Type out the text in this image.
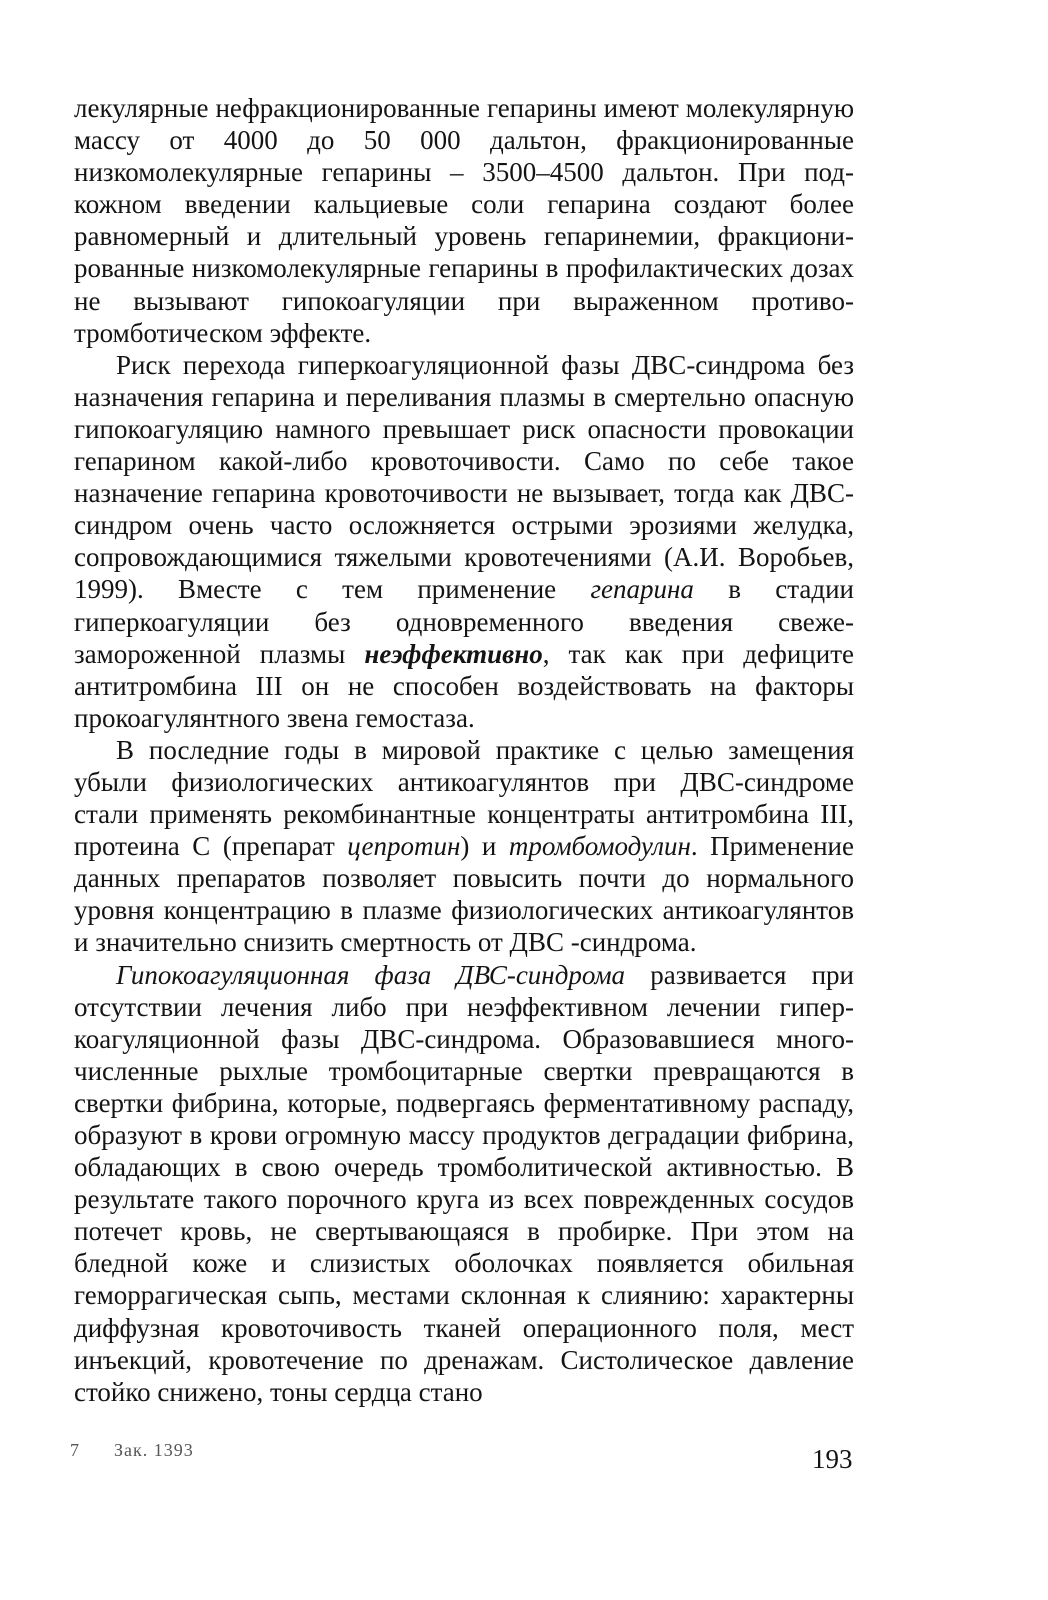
лекулярные нефракционированные гепарины имеют молекулярную массу от 4000 до 50 000 дальтон, фракционированные низкомолекулярные гепарины – 3500–4500 дальтон. При подкожном введении кальциевые соли гепарина создают более равномерный и длительный уровень гепаринемии, фракционированные низкомолекулярные гепарины в профилактических дозах не вызывают гипокоагуляции при выраженном противотромботическом эффекте.

Риск перехода гиперкоагуляционной фазы ДВС-синдрома без назначения гепарина и переливания плазмы в смертельно опасную гипокоагуляцию намного превышает риск опасности провокации гепарином какой-либо кровоточивости. Само по себе такое назначение гепарина кровоточивости не вызывает, тогда как ДВС-синдром очень часто осложняется острыми эрозиями желудка, сопровождающимися тяжелыми кровотечениями (А.И. Воробьев, 1999). Вместе с тем применение гепарина в стадии гиперкоагуляции без одновременного введения свежезамороженной плазмы неэффективно, так как при дефиците антитромбина III он не способен воздействовать на факторы прокоагулянтного звена гемостаза.

В последние годы в мировой практике с целью замещения убыли физиологических антикоагулянтов при ДВС-синдроме стали применять рекомбинантные концентраты антитромбина III, протеина С (препарат цепротин) и тромбомодулин. Применение данных препаратов позволяет повысить почти до нормального уровня концентрацию в плазме физиологических антикоагулянтов и значительно снизить смертность от ДВС -синдрома.

Гипокоагуляционная фаза ДВС-синдрома развивается при отсутствии лечения либо при неэффективном лечении гиперкоагуляционной фазы ДВС-синдрома. Образовавшиеся многочисленные рыхлые тромбоцитарные свертки превращаются в свертки фибрина, которые, подвергаясь ферментативному распаду, образуют в крови огромную массу продуктов деградации фибрина, обладающих в свою очередь тромболитической активностью. В результате такого порочного круга из всех поврежденных сосудов потечет кровь, не свертывающаяся в пробирке. При этом на бледной коже и слизистых оболочках появляется обильная геморрагическая сыпь, местами склонная к слиянию: характерны диффузная кровоточивость тканей операционного поля, мест инъекций, кровотечение по дренажам. Систолическое давление стойко снижено, тоны сердца стано

7 Зак. 1393	193
